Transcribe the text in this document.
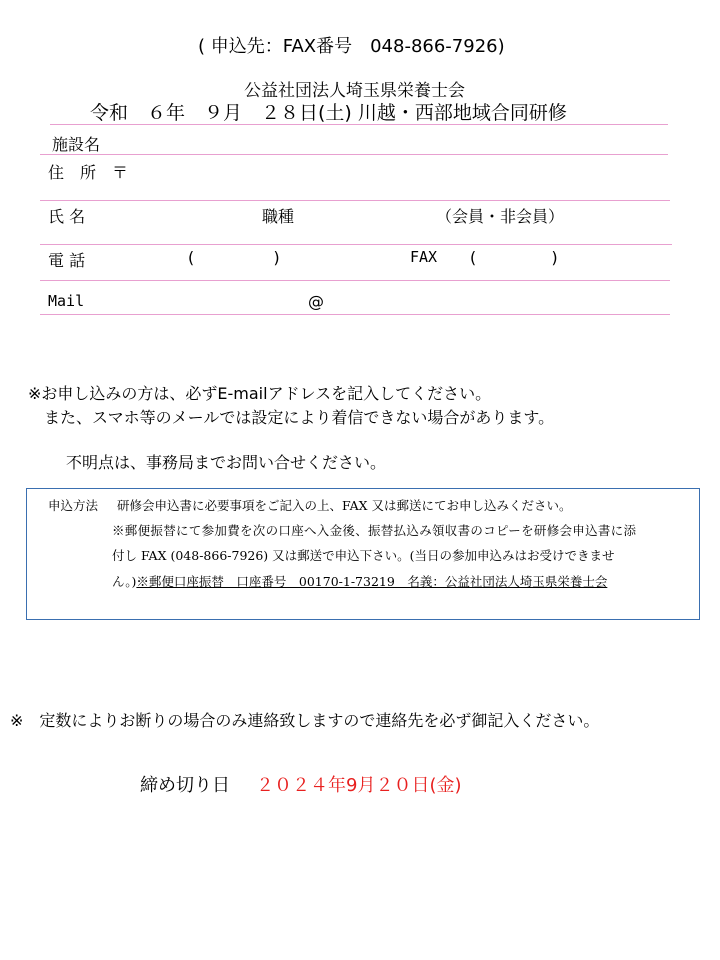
( 申込先：FAX番号　048-866-7926)
公益社団法人埼玉県栄養士会
令和　６年　９月　２８日(土) 川越・西部地域合同研修
施設名
住　所　〒
氏 名	職種	（会員・非会員）
電 話	(	)	FAX (	)
Mail	@
※お申し込みの方は、必ずE-mailアドレスを記入してください。
また、スマホ等のメールでは設定により着信できない場合があります。
不明点は、事務局までお問い合せください。
申込方法 研修会申込書に必要事項をご記入の上、FAX 又は郵送にてお申し込みください。
※郵便振替にて参加費を次の口座へ入金後、振替払込み領収書のコピーを研修会申込書に添
付し FAX (048-866-7926) 又は郵送で申込下さい。(当日の参加申込みはお受けできませ
ん。)※郵便口座振替　口座番号　00170-1-73219　名義：公益社団法人埼玉県栄養士会
※　定数によりお断りの場合のみ連絡致しますので連絡先を必ず御記入ください。
締め切り日 ２０２４年9月２０日(金)
